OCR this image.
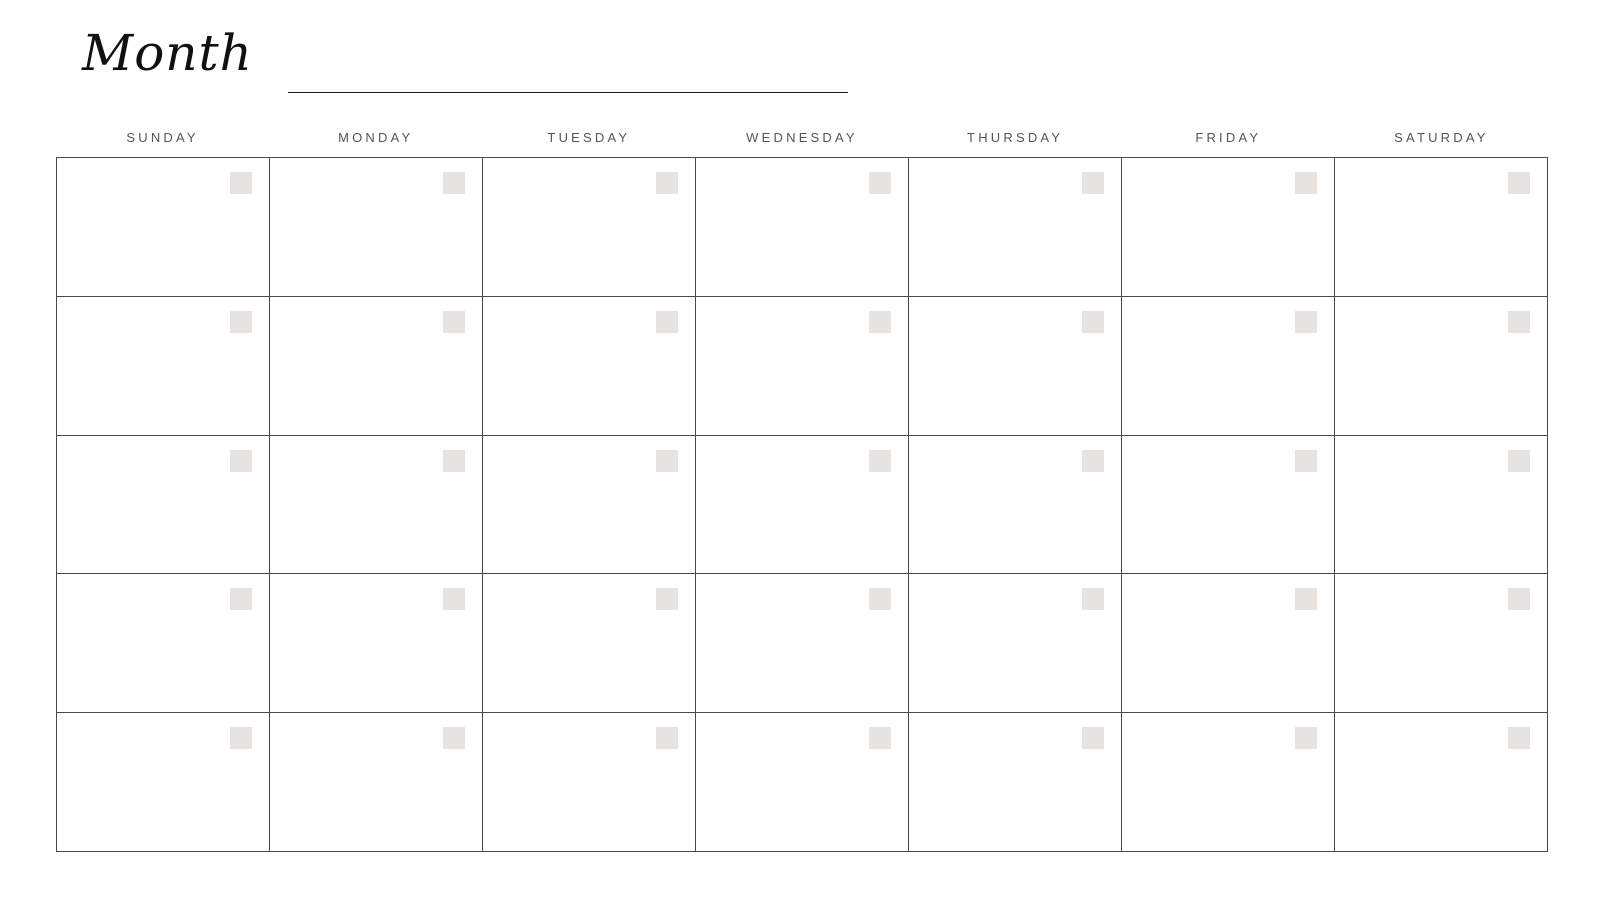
Month
SUNDAY	MONDAY	TUESDAY	WEDNESDAY	THURSDAY	FRIDAY	SATURDAY
